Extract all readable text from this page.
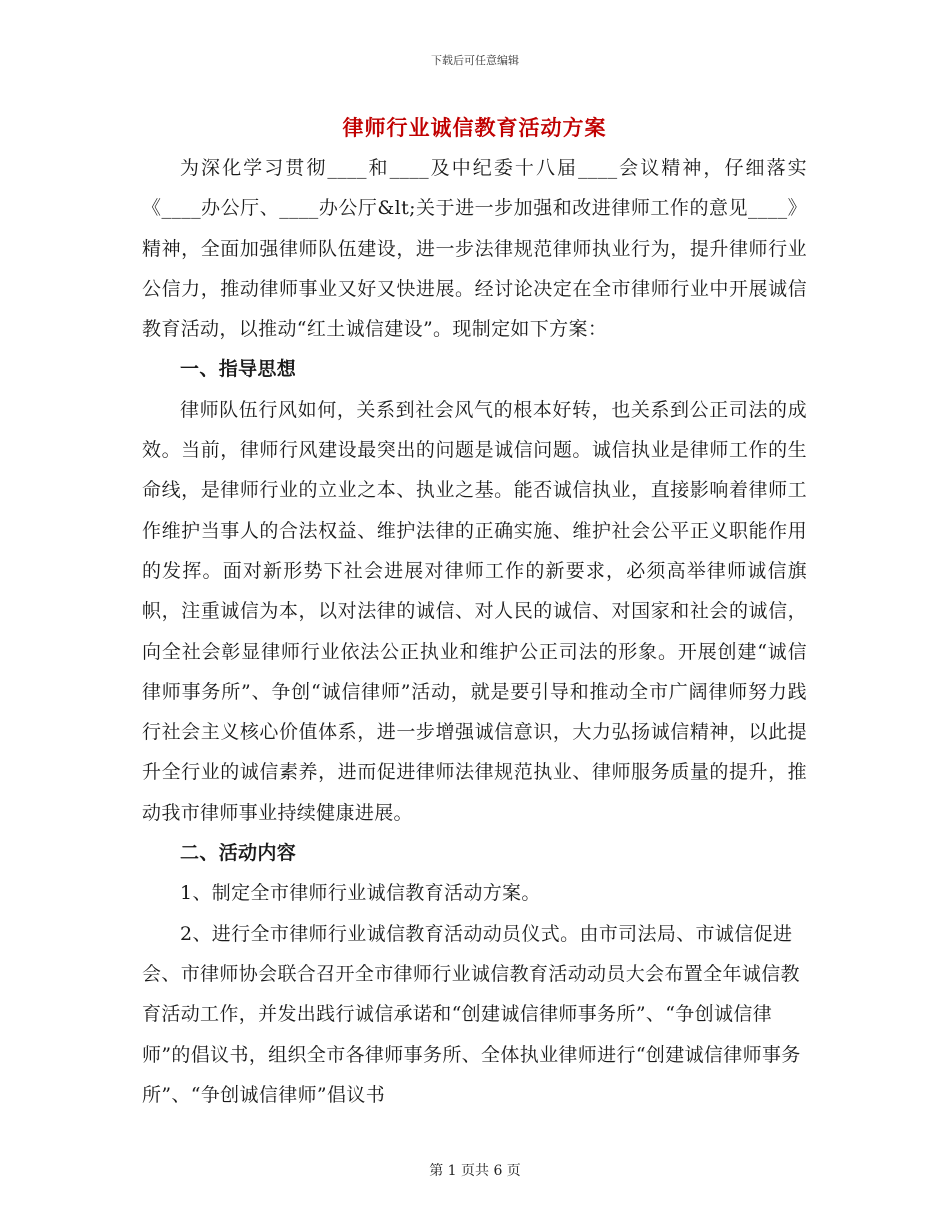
下载后可任意编辑
律师行业诚信教育活动方案

为深化学习贯彻____和____及中纪委十八届____会议精神，仔细落实《____办公厅、____办公厅&lt;关于进一步加强和改进律师工作的意见____》精神，全面加强律师队伍建设，进一步法律规范律师执业行为，提升律师行业公信力，推动律师事业又好又快进展。经讨论决定在全市律师行业中开展诚信教育活动，以推动“红土诚信建设”。现制定如下方案：

一、指导思想

律师队伍行风如何，关系到社会风气的根本好转，也关系到公正司法的成效。当前，律师行风建设最突出的问题是诚信问题。诚信执业是律师工作的生命线，是律师行业的立业之本、执业之基。能否诚信执业，直接影响着律师工作维护当事人的合法权益、维护法律的正确实施、维护社会公平正义职能作用的发挥。面对新形势下社会进展对律师工作的新要求，必须高举律师诚信旗帜，注重诚信为本，以对法律的诚信、对人民的诚信、对国家和社会的诚信，向全社会彰显律师行业依法公正执业和维护公正司法的形象。开展创建“诚信律师事务所”、争创“诚信律师”活动，就是要引导和推动全市广阔律师努力践行社会主义核心价值体系，进一步增强诚信意识，大力弘扬诚信精神，以此提升全行业的诚信素养，进而促进律师法律规范执业、律师服务质量的提升，推动我市律师事业持续健康进展。

二、活动内容

1、制定全市律师行业诚信教育活动方案。

2、进行全市律师行业诚信教育活动动员仪式。由市司法局、市诚信促进会、市律师协会联合召开全市律师行业诚信教育活动动员大会布置全年诚信教育活动工作，并发出践行诚信承诺和“创建诚信律师事务所”、“争创诚信律师”的倡议书，组织全市各律师事务所、全体执业律师进行“创建诚信律师事务所”、“争创诚信律师”倡议书

第 1 页共 6 页
